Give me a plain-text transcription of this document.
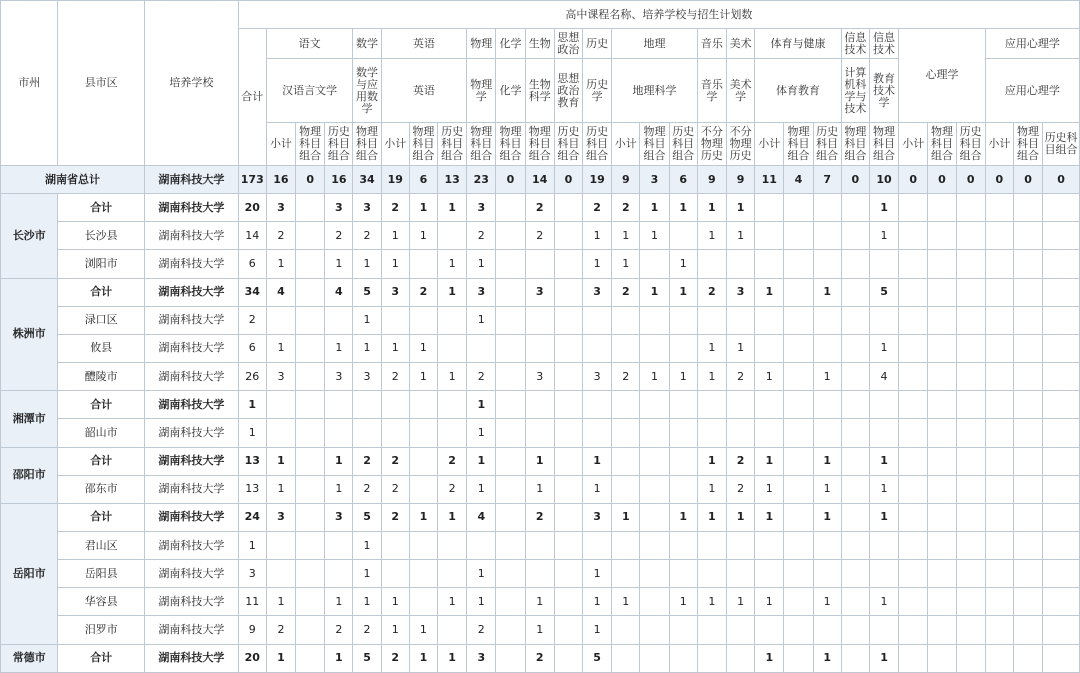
市州	县市区	培养学校	高中课程名称、培养学校与招生计划数																												
			合计	语文			数学	英语			物理	化学	生物	思想政治	历史	地理			音乐	美术	体育与健康			信息技术	信息技术	心理学			应用心理学		
				汉语言文学			数学与应用数学	英语			物理学	化学	生物科学	思想政治教育	历史学	地理科学			音乐学	美术学	体育教育			计算机科学与技术	教育技术学				应用心理学		
				小计	物理科目组合	历史科目组合	物理科目组合	小计	物理科目组合	历史科目组合	物理科目组合	物理科目组合	物理科目组合	历史科目组合	历史科目组合	小计	物理科目组合	历史科目组合	不分物理历史	不分物理历史	小计	物理科目组合	历史科目组合	物理科目组合	物理科目组合	小计	物理科目组合	历史科目组合	小计	物理科目组合	历史科目组合
湖南省总计		湖南科技大学	173	16	0	16	34	19	6	13	23	0	14	0	19	9	3	6	9	9	11	4	7	0	10	0	0	0	0	0	0
长沙市	合计	湖南科技大学	20	3		3	3	2	1	1	3		2		2	2	1	1	1	1					1						
	长沙县	湖南科技大学	14	2		2	2	1	1		2		2		1	1	1		1	1					1						
	浏阳市	湖南科技大学	6	1		1	1	1		1	1				1	1		1													
株洲市	合计	湖南科技大学	34	4		4	5	3	2	1	3		3		3	2	1	1	2	3	1		1		5						
	渌口区	湖南科技大学	2				1				1																				
	攸县	湖南科技大学	6	1		1	1	1	1										1	1					1						
	醴陵市	湖南科技大学	26	3		3	3	2	1	1	2		3		3	2	1	1	1	2	1		1		4						
湘潭市	合计	湖南科技大学	1								1																				
	韶山市	湖南科技大学	1								1																				
邵阳市	合计	湖南科技大学	13	1		1	2	2		2	1		1		1				1	2	1		1		1						
	邵东市	湖南科技大学	13	1		1	2	2		2	1		1		1				1	2	1		1		1						
岳阳市	合计	湖南科技大学	24	3		3	5	2	1	1	4		2		3	1		1	1	1	1		1		1						
	君山区	湖南科技大学	1				1																								
	岳阳县	湖南科技大学	3				1				1				1																
	华容县	湖南科技大学	11	1		1	1	1		1	1		1		1	1		1	1	1	1		1		1						
	汨罗市	湖南科技大学	9	2		2	2	1	1		2		1		1																
常德市	合计	湖南科技大学	20	1		1	5	2	1	1	3		2		5						1		1		1						
